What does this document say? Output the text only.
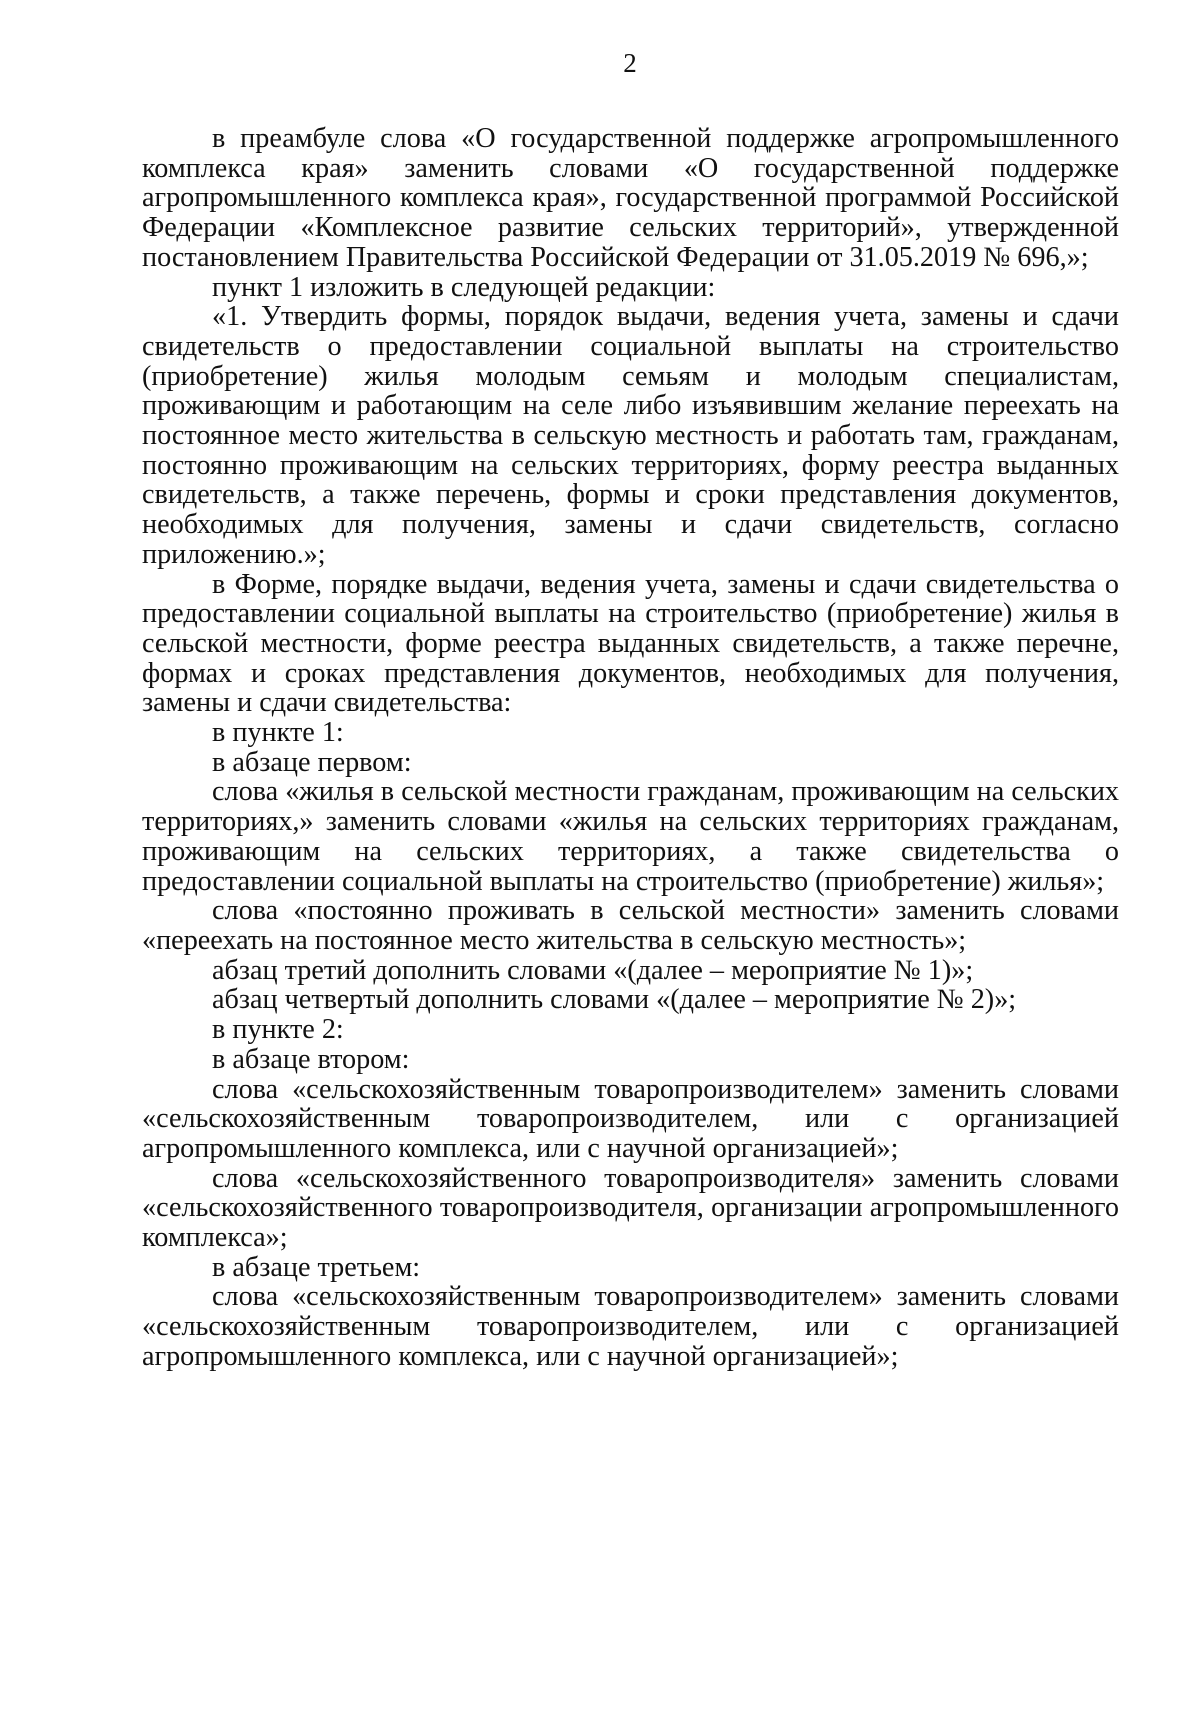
2

в преамбуле слова «О государственной поддержке агропромышленного комплекса края» заменить словами «О государственной поддержке агропромышленного комплекса края», государственной программой Российской Федерации «Комплексное развитие сельских территорий», утвержденной постановлением Правительства Российской Федерации от 31.05.2019 № 696,»;

пункт 1 изложить в следующей редакции:

«1. Утвердить формы, порядок выдачи, ведения учета, замены и сдачи свидетельств о предоставлении социальной выплаты на строительство (приобретение) жилья молодым семьям и молодым специалистам, проживающим и работающим на селе либо изъявившим желание переехать на постоянное место жительства в сельскую местность и работать там, гражданам, постоянно проживающим на сельских территориях, форму реестра выданных свидетельств, а также перечень, формы и сроки представления документов, необходимых для получения, замены и сдачи свидетельств, согласно приложению.»;

в Форме, порядке выдачи, ведения учета, замены и сдачи свидетельства о предоставлении социальной выплаты на строительство (приобретение) жилья в сельской местности, форме реестра выданных свидетельств, а также перечне, формах и сроках представления документов, необходимых для получения, замены и сдачи свидетельства:

в пункте 1:

в абзаце первом:

слова «жилья в сельской местности гражданам, проживающим на сельских территориях,» заменить словами «жилья на сельских территориях гражданам, проживающим на сельских территориях, а также свидетельства о предоставлении социальной выплаты на строительство (приобретение) жилья»;

слова «постоянно проживать в сельской местности» заменить словами «переехать на постоянное место жительства в сельскую местность»;

абзац третий дополнить словами «(далее – мероприятие № 1)»;

абзац четвертый дополнить словами «(далее – мероприятие № 2)»;

в пункте 2:

в абзаце втором:

слова «сельскохозяйственным товаропроизводителем» заменить словами «сельскохозяйственным товаропроизводителем, или с организацией агропромышленного комплекса, или с научной организацией»;

слова «сельскохозяйственного товаропроизводителя» заменить словами «сельскохозяйственного товаропроизводителя, организации агропромышленного комплекса»;

в абзаце третьем:

слова «сельскохозяйственным товаропроизводителем» заменить словами «сельскохозяйственным товаропроизводителем, или с организацией агропромышленного комплекса, или с научной организацией»;
